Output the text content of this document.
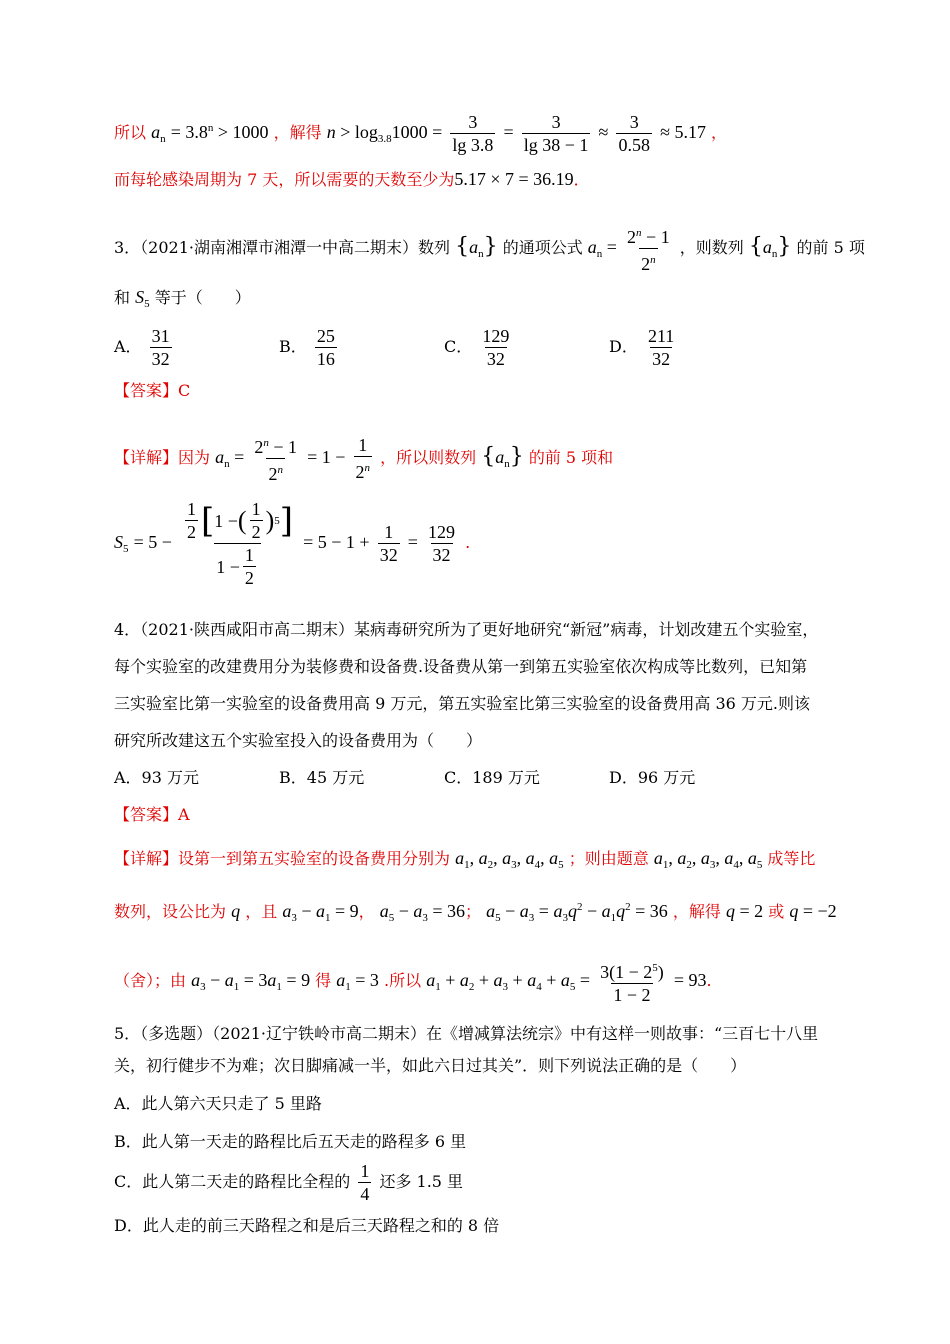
所以 $a_n = 3.8^n > 1000$ ，解得 $n > \log_{3.8}1000 = \frac{3}{\lg 3.8} = \frac{3}{\lg 38 - 1} \approx \frac{3}{0.58} \approx 5.17$ ，
而每轮感染周期为 7 天，所以需要的天数至少为5.17 × 7 = 36.19．
3．（2021·湖南湘潭市湘潭一中高二期末）数列 $\{a_n\}$ 的通项公式 $a_n = \frac{2^n - 1}{2^n}$ ，则数列 $\{a_n\}$ 的前 5 项
和 $S_5$ 等于（　　）
A． $\frac{31}{32}$	B． $\frac{25}{16}$	C． $\frac{129}{32}$	D． $\frac{211}{32}$
【答案】C
【详解】因为 $a_n = \frac{2^n - 1}{2^n} = 1 - \frac{1}{2^n}$ ，所以则数列 $\{a_n\}$ 的前 5 项和
$S_5 = 5 - \frac{\frac{1}{2} [ 1 - ( \frac{1}{2} ) 5 ]}{1 - \frac{1}{2}} = 5 - 1 + \frac{1}{32} = \frac{129}{32}$ .
4．（2021·陕西咸阳市高二期末）某病毒研究所为了更好地研究“新冠”病毒，计划改建五个实验室，
每个实验室的改建费用分为装修费和设备费.设备费从第一到第五实验室依次构成等比数列，已知第
三实验室比第一实验室的设备费用高 9 万元，第五实验室比第三实验室的设备费用高 36 万元.则该
研究所改建这五个实验室投入的设备费用为（　　）
A．93 万元	B．45 万元	C．189 万元	D．96 万元
【答案】A
【详解】设第一到第五实验室的设备费用分别为 $a_1$, $a_2$, $a_3$, $a_4$, $a_5$ ；则由题意 $a_1$, $a_2$, $a_3$, $a_4$, $a_5$ 成等比
数列，设公比为 q ，且 $a_3 - a_1 = 9$， $a_5 - a_3 = 36$； $a_5 - a_3 = a_3q^2 - a_1q^2 = 36$ ，解得 q = 2 或 q = −2
（舍）；由 $a_3 - a_1 = 3a_1 = 9$ 得 $a_1 = 3$ .所以 $a_1 + a_2 + a_3 + a_4 + a_5 = \frac{3(1 - 2^5)}{1 - 2} = 93$.
5．（多选题）（2021·辽宁铁岭市高二期末）在《增减算法统宗》中有这样一则故事：“三百七十八里
关，初行健步不为难；次日脚痛减一半，如此六日过其关”．则下列说法正确的是（　　）
A．此人第六天只走了 5 里路
B．此人第一天走的路程比后五天走的路程多 6 里
C．此人第二天走的路程比全程的 $\frac{1}{4}$ 还多 1.5 里
D．此人走的前三天路程之和是后三天路程之和的 8 倍
